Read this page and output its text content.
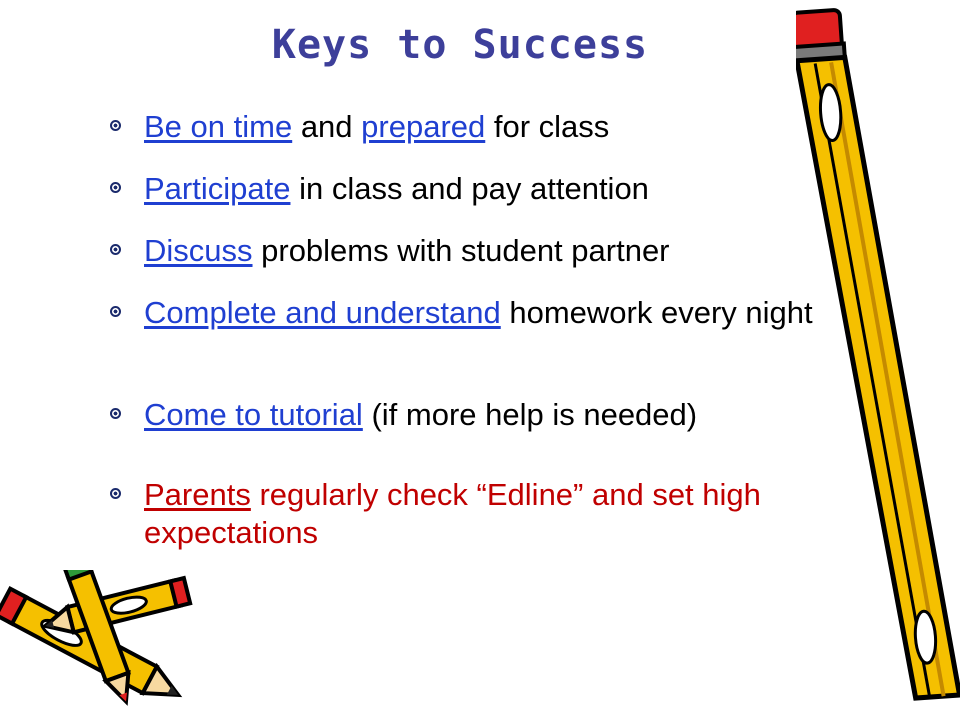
Keys to Success
Be on time and prepared for class
Participate in class and pay attention
Discuss problems with student partner
Complete and understand homework every night
Come to tutorial (if more help is needed)
Parents regularly check “Edline” and set high expectations
